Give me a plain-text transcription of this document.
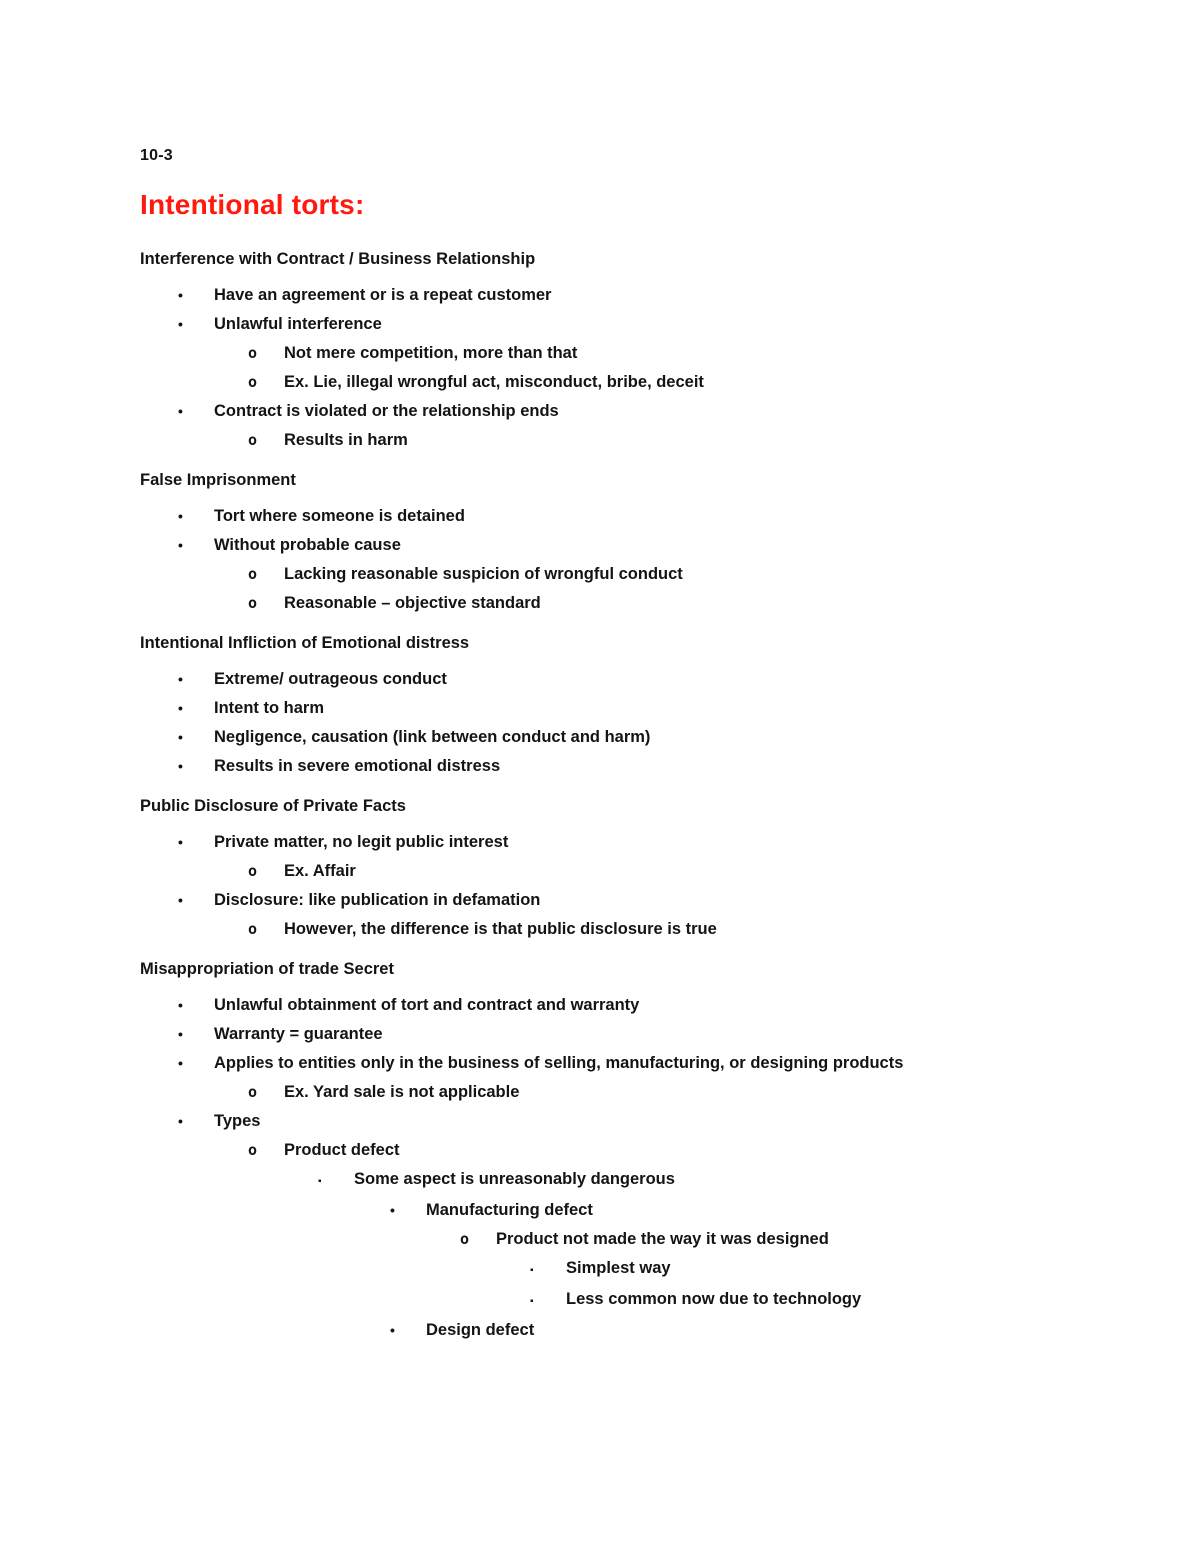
10-3

Intentional torts:

Interference with Contract / Business Relationship

•	Have an agreement or is a repeat customer
•	Unlawful interference
o	Not mere competition, more than that
o	Ex. Lie, illegal wrongful act, misconduct, bribe, deceit
•	Contract is violated or the relationship ends
o	Results in harm

False Imprisonment

•	Tort where someone is detained
•	Without probable cause
o	Lacking reasonable suspicion of wrongful conduct
o	Reasonable – objective standard

Intentional Infliction of Emotional distress

•	Extreme/ outrageous conduct
•	Intent to harm
•	Negligence, causation (link between conduct and harm)
•	Results in severe emotional distress

Public Disclosure of Private Facts

•	Private matter, no legit public interest
o	Ex. Affair
•	Disclosure: like publication in defamation
o	However, the difference is that public disclosure is true

Misappropriation of trade Secret

•	Unlawful obtainment of tort and contract and warranty
•	Warranty = guarantee
•	Applies to entities only in the business of selling, manufacturing, or designing products
o	Ex. Yard sale is not applicable
•	Types
o	Product defect
▪	Some aspect is unreasonably dangerous
•	Manufacturing defect
o	Product not made the way it was designed
▪	Simplest way
▪	Less common now due to technology
•	Design defect
